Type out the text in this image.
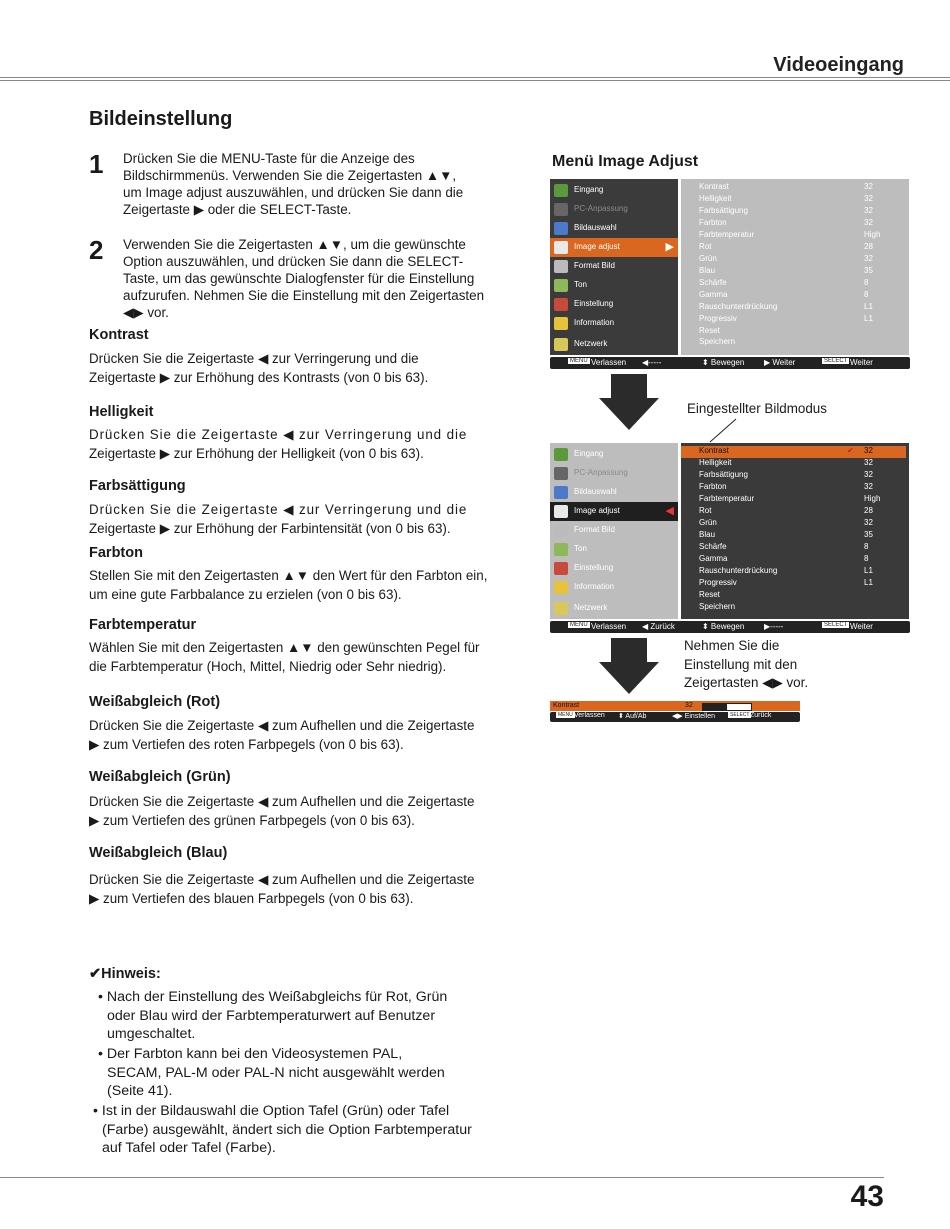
Videoeingang
Bildeinstellung
1 Drücken Sie die MENU-Taste für die Anzeige des
Bildschirmmenüs. Verwenden Sie die Zeigertasten ▲▼,
um Image adjust auszuwählen, und drücken Sie dann die
Zeigertaste ▶ oder die SELECT-Taste.
2 Verwenden Sie die Zeigertasten ▲▼, um die gewünschte
Option auszuwählen, und drücken Sie dann die SELECT-
Taste, um das gewünschte Dialogfenster für die Einstellung
aufzurufen. Nehmen Sie die Einstellung mit den Zeigertasten
◀▶ vor.
Kontrast
Drücken Sie die Zeigertaste ◀ zur Verringerung und die
Zeigertaste ▶ zur Erhöhung des Kontrasts (von 0 bis 63).
Helligkeit
Drücken Sie die Zeigertaste ◀ zur Verringerung und die
Zeigertaste ▶ zur Erhöhung der Helligkeit (von 0 bis 63).
Farbsättigung
Drücken Sie die Zeigertaste ◀ zur Verringerung und die
Zeigertaste ▶ zur Erhöhung der Farbintensität (von 0 bis 63).
Farbton
Stellen Sie mit den Zeigertasten ▲▼ den Wert für den Farbton ein,
um eine gute Farbbalance zu erzielen (von 0 bis 63).
Farbtemperatur
Wählen Sie mit den Zeigertasten ▲▼ den gewünschten Pegel für
die Farbtemperatur (Hoch, Mittel, Niedrig oder Sehr niedrig).
Weißabgleich (Rot)
Drücken Sie die Zeigertaste ◀ zum Aufhellen und die Zeigertaste
▶ zum Vertiefen des roten Farbpegels (von 0 bis 63).
Weißabgleich (Grün)
Drücken Sie die Zeigertaste ◀ zum Aufhellen und die Zeigertaste
▶ zum Vertiefen des grünen Farbpegels (von 0 bis 63).
Weißabgleich (Blau)
Drücken Sie die Zeigertaste ◀ zum Aufhellen und die Zeigertaste
▶ zum Vertiefen des blauen Farbpegels (von 0 bis 63).
✔Hinweis:
• Nach der Einstellung des Weißabgleichs für Rot, Grün
oder Blau wird der Farbtemperaturwert auf Benutzer
umgeschaltet.
• Der Farbton kann bei den Videosystemen PAL,
SECAM, PAL-M oder PAL-N nicht ausgewählt werden
(Seite 41).
• Ist in der Bildauswahl die Option Tafel (Grün) oder Tafel
(Farbe) ausgewählt, ändert sich die Option Farbtemperatur
auf Tafel oder Tafel (Farbe).
Menü Image Adjust
Eingang
PC-Anpassung
Bildauswahl
Image adjust	▶
Format Bild
Ton
Einstellung
Information
Netzwerk
Kontrast	32
Helligkeit	32
Farbsättigung	32
Farbton	32
Farbtemperatur	High
Rot	28
Grün	32
Blau	35
Schärfe	8
Gamma	8
Rauschunterdrückung	L1
Progressiv	L1
Reset
Speichern
MENU Verlassen ◀-----	⬍ Bewegen ▶ Weiter	SELECT Weiter
Eingestellter Bildmodus
Eingang
PC-Anpassung
Bildauswahl
Image adjust	◀
Format Bild
Ton
Einstellung
Information
Netzwerk
Kontrast	✔ 32
Helligkeit	32
Farbsättigung	32
Farbton	32
Farbtemperatur	High
Rot	28
Grün	32
Blau	35
Schärfe	8
Gamma	8
Rauschunterdrückung	L1
Progressiv	L1
Reset
Speichern
MENU Verlassen ◀ Zurück	⬍ Bewegen ▶-----	SELECT Weiter
Nehmen Sie die
Einstellung mit den
Zeigertasten ◀▶ vor.
Kontrast	32
MENU Verlassen ⬍ Auf/Ab	◀▶ Einstellen	SELECT Zurück
43
